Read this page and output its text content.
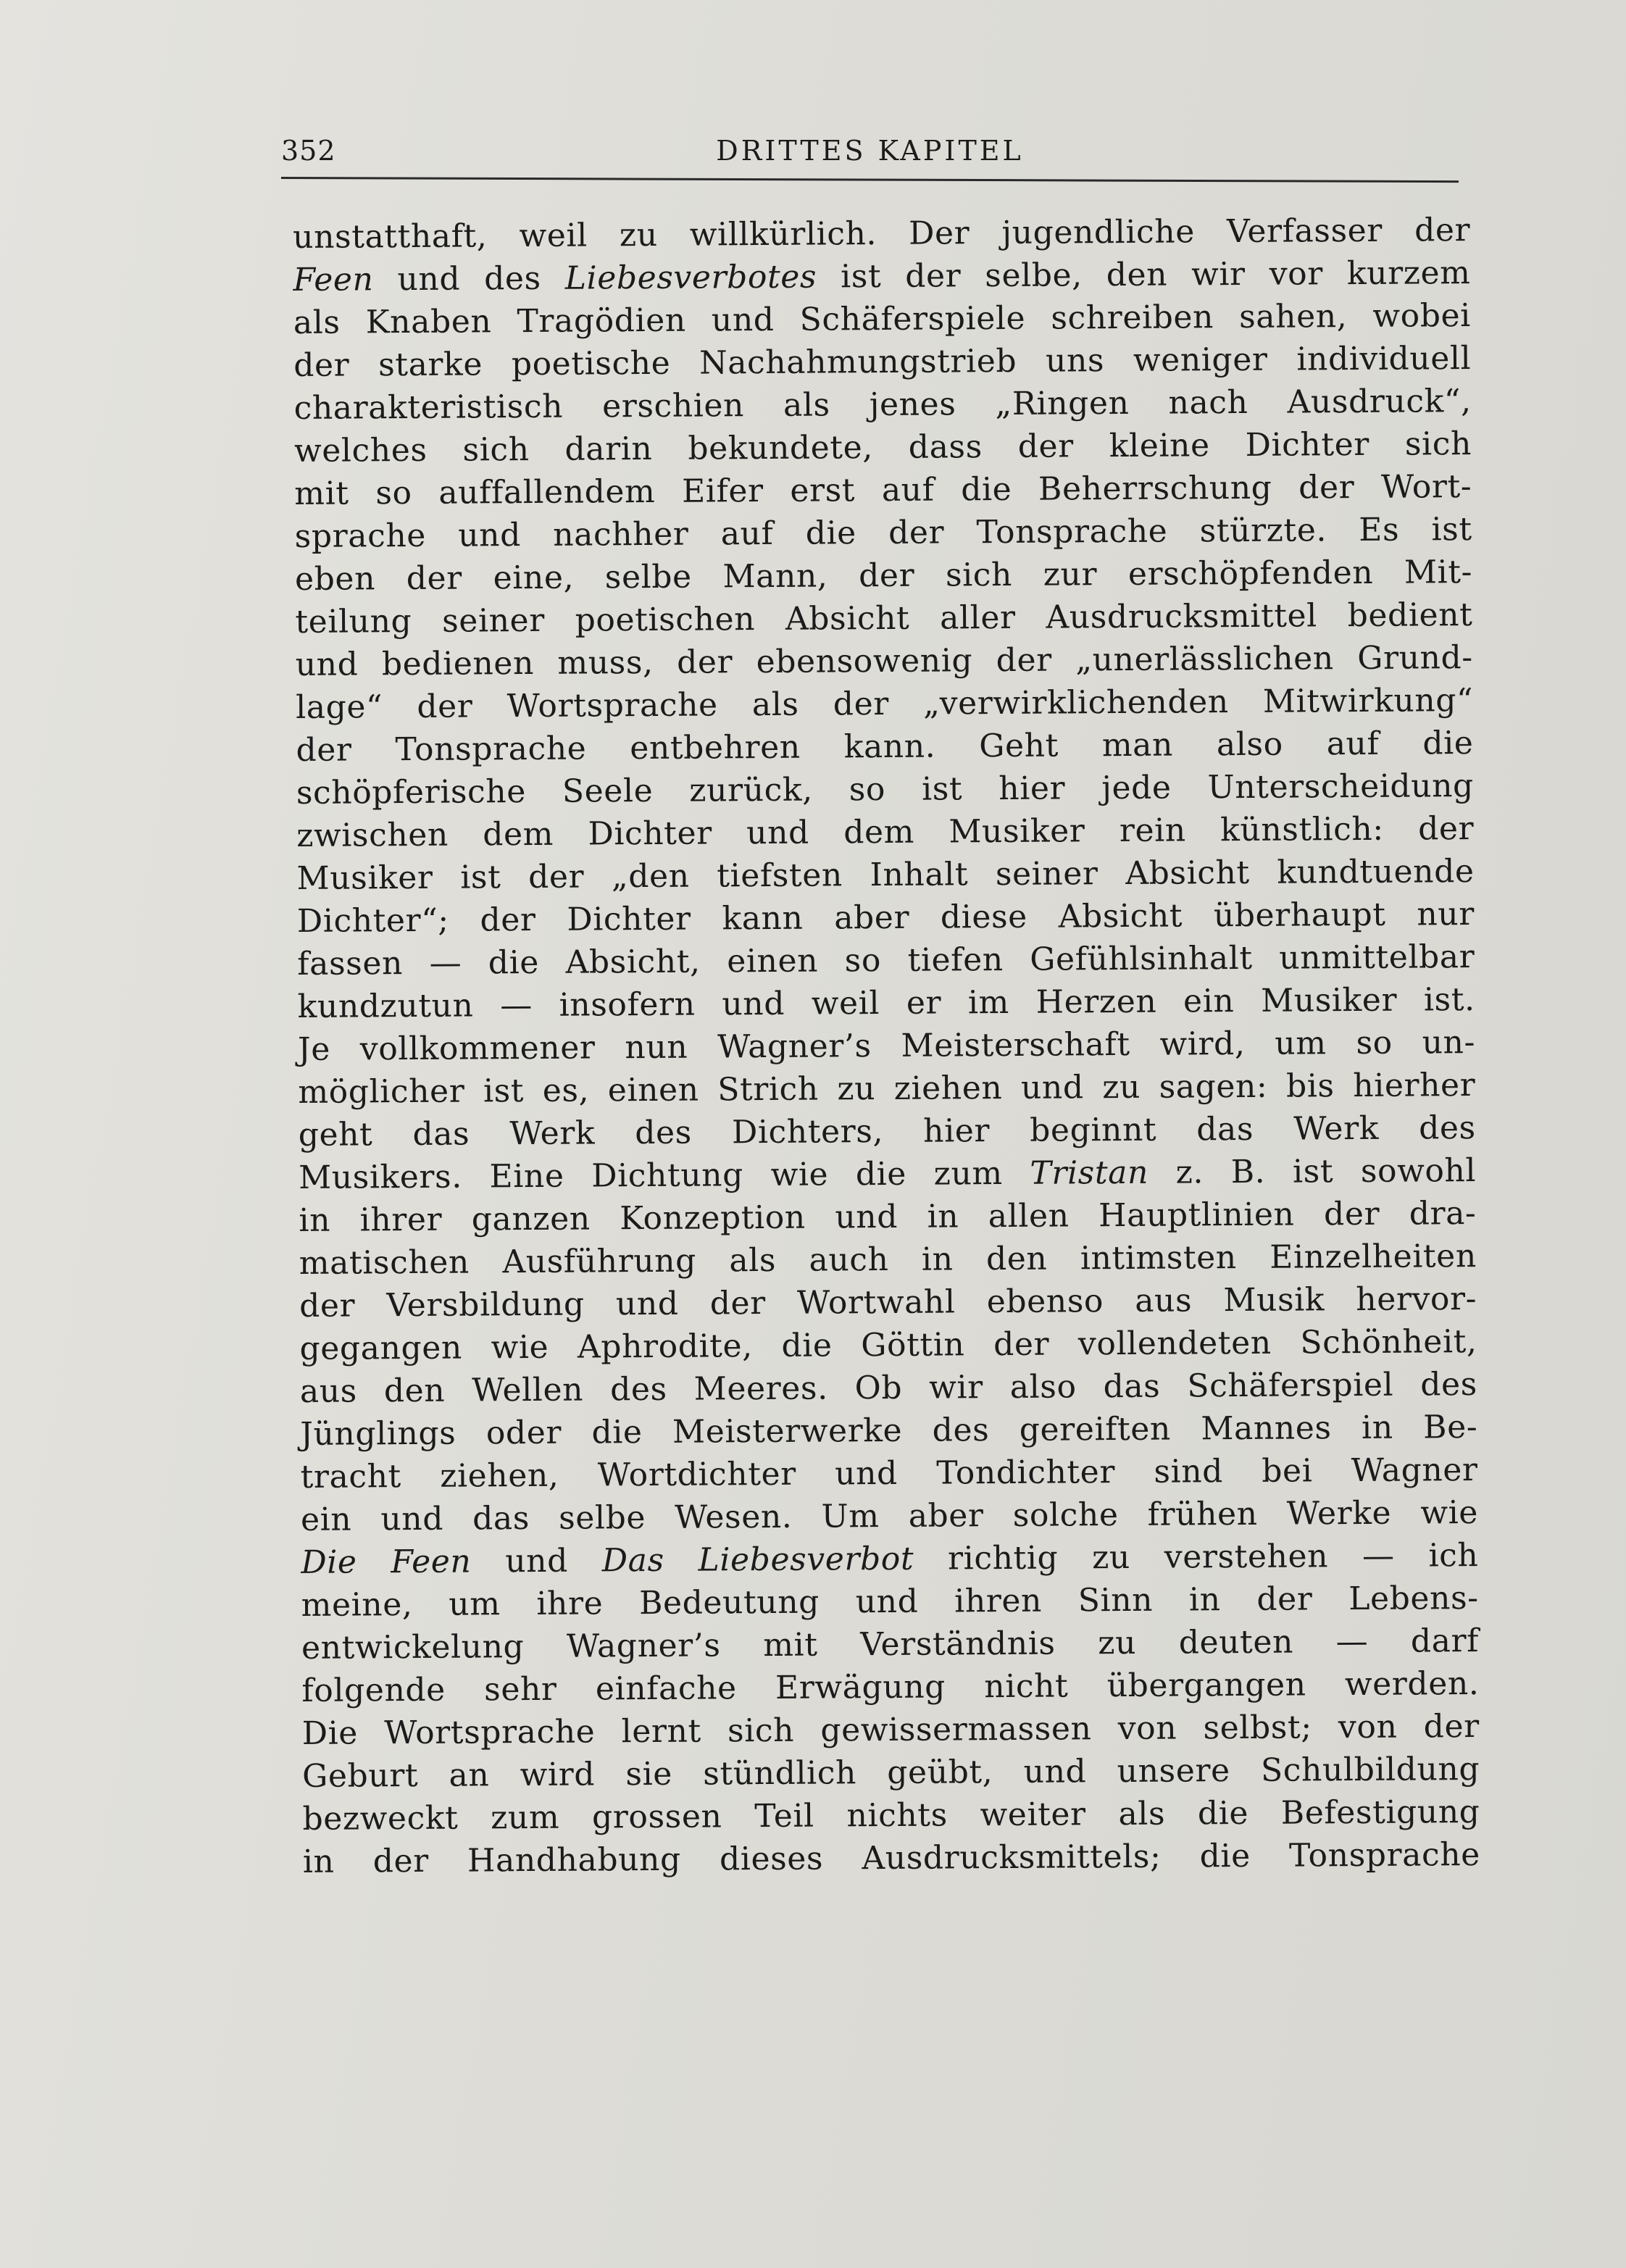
352	DRITTES KAPITEL
unstatthaft, weil zu willkürlich. Der jugendliche Verfasser der
Feen und des Liebesverbotes ist der selbe, den wir vor kurzem
als Knaben Tragödien und Schäferspiele schreiben sahen, wobei
der starke poetische Nachahmungstrieb uns weniger individuell
charakteristisch erschien als jenes „Ringen nach Ausdruck“,
welches sich darin bekundete, dass der kleine Dichter sich
mit so auffallendem Eifer erst auf die Beherrschung der Wort-
sprache und nachher auf die der Tonsprache stürzte. Es ist
eben der eine, selbe Mann, der sich zur erschöpfenden Mit-
teilung seiner poetischen Absicht aller Ausdrucksmittel bedient
und bedienen muss, der ebensowenig der „unerlässlichen Grund-
lage“ der Wortsprache als der „verwirklichenden Mitwirkung“
der Tonsprache entbehren kann. Geht man also auf die
schöpferische Seele zurück, so ist hier jede Unterscheidung
zwischen dem Dichter und dem Musiker rein künstlich: der
Musiker ist der „den tiefsten Inhalt seiner Absicht kundtuende
Dichter“; der Dichter kann aber diese Absicht überhaupt nur
fassen — die Absicht, einen so tiefen Gefühlsinhalt unmittelbar
kundzutun — insofern und weil er im Herzen ein Musiker ist.
Je vollkommener nun Wagner’s Meisterschaft wird, um so un-
möglicher ist es, einen Strich zu ziehen und zu sagen: bis hierher
geht das Werk des Dichters, hier beginnt das Werk des
Musikers. Eine Dichtung wie die zum Tristan z. B. ist sowohl
in ihrer ganzen Konzeption und in allen Hauptlinien der dra-
matischen Ausführung als auch in den intimsten Einzelheiten
der Versbildung und der Wortwahl ebenso aus Musik hervor-
gegangen wie Aphrodite, die Göttin der vollendeten Schönheit,
aus den Wellen des Meeres. Ob wir also das Schäferspiel des
Jünglings oder die Meisterwerke des gereiften Mannes in Be-
tracht ziehen, Wortdichter und Tondichter sind bei Wagner
ein und das selbe Wesen. Um aber solche frühen Werke wie
Die Feen und Das Liebesverbot richtig zu verstehen — ich
meine, um ihre Bedeutung und ihren Sinn in der Lebens-
entwickelung Wagner’s mit Verständnis zu deuten — darf
folgende sehr einfache Erwägung nicht übergangen werden.
Die Wortsprache lernt sich gewissermassen von selbst; von der
Geburt an wird sie stündlich geübt, und unsere Schulbildung
bezweckt zum grossen Teil nichts weiter als die Befestigung
in der Handhabung dieses Ausdrucksmittels; die Tonsprache
